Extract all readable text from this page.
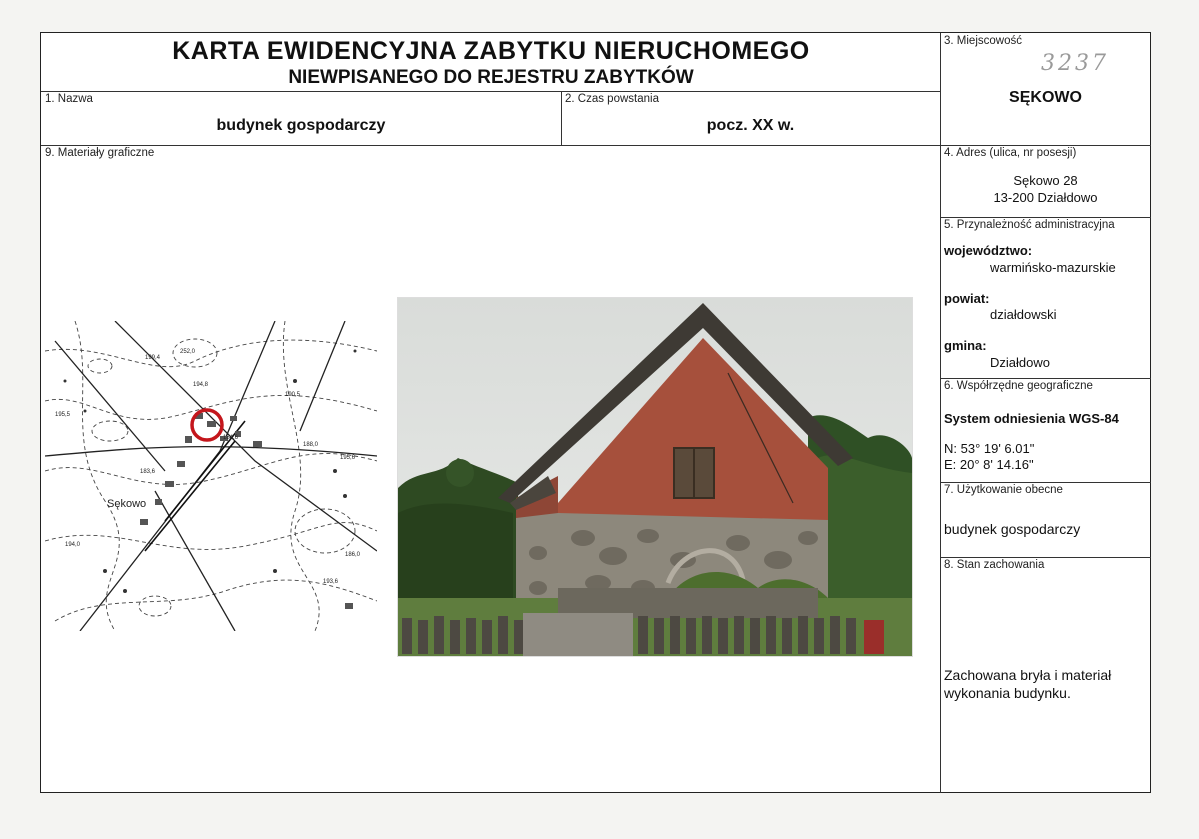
KARTA EWIDENCYJNA ZABYTKU NIERUCHOMEGO
NIEWPISANEGO DO REJESTRU ZABYTKÓW
1. Nazwa
budynek gospodarczy
2. Czas powstania
pocz. XX w.
3. Miejscowość
3237
SĘKOWO
9. Materiały graficzne	4. Adres (ulica, nr posesji)
Sękowo 28
13-200 Działdowo
5. Przynależność administracyjna
województwo:
warmińsko-mazurskie
powiat:
działdowski
gmina:
Działdowo
6. Współrzędne geograficzne
System odniesienia WGS-84
N: 53° 19' 6.01"
E: 20° 8' 14.16"
7. Użytkowanie obecne
budynek gospodarczy
8. Stan zachowania
Zachowana bryła i materiał
wykonania budynku.
Sękowo
252,0
199,4
194,8
190,5
195,5
193,6
184,6
195,6
183,6
186,0
194,0
188,0
